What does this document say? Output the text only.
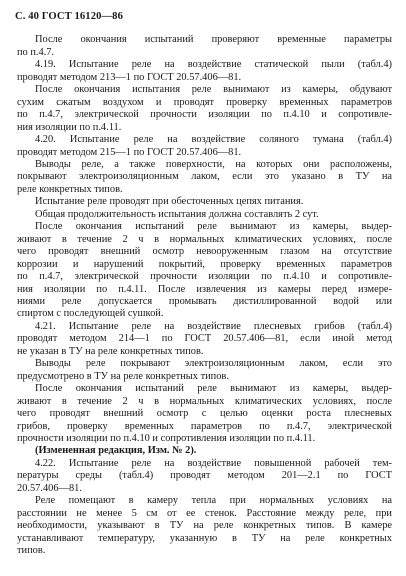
С. 40 ГОСТ 16120—86
После окончания испытаний проверяют временные параметры
по п.4.7.
4.19. Испытание реле на воздействие статической пыли (табл.4)
проводят методом 213—1 по ГОСТ 20.57.406—81.
После окончания испытания реле вынимают из камеры, обдувают
сухим сжатым воздухом и проводят проверку временных параметров
по п.4.7, электрической прочности изоляции по п.4.10 и сопротивле-
ния изоляции по п.4.11.
4.20. Испытание реле на воздействие соляного тумана (табл.4)
проводят методом 215—1 по ГОСТ 20.57.406—81.
Выводы реле, а также поверхности, на которых они расположены,
покрывают электроизоляционным лаком, если это указано в ТУ на
реле конкретных типов.
Испытание реле проводят при обесточенных цепях питания.
Общая продолжительность испытания должна составлять 2 сут.
После окончания испытаний реле вынимают из камеры, выдер-
живают в течение 2 ч в нормальных климатических условиях, после
чего проводят внешний осмотр невооруженным глазом на отсутствие
коррозии и нарушений покрытий, проверку временных параметров
по п.4.7, электрической прочности изоляции по п.4.10 и сопротивле-
ния изоляции по п.4.11. После извлечения из камеры перед измере-
ниями реле допускается промывать дистиллированной водой или
спиртом с последующей сушкой.
4.21. Испытание реле на воздействие плесневых грибов (табл.4)
проводят методом 214—1 по ГОСТ 20.57.406—81, если иной метод
не указан в ТУ на реле конкретных типов.
Выводы реле покрывают электроизоляционным лаком, если это
предусмотрено в ТУ на реле конкретных типов.
После окончания испытаний реле вынимают из камеры, выдер-
живают в течение 2 ч в нормальных климатических условиях, после
чего проводят внешний осмотр с целью оценки роста плесневых
грибов, проверку временных параметров по п.4.7, электрической
прочности изоляции по п.4.10 и сопротивления изоляции по п.4.11.
(Измененная редакция, Изм. № 2).
4.22. Испытание реле на воздействие повышенной рабочей тем-
пературы среды (табл.4) проводят методом 201—2.1 по ГОСТ
20.57.406—81.
Реле помещают в камеру тепла при нормальных условиях на
расстоянии не менее 5 см от ее стенок. Расстояние между реле, при
необходимости, указывают в ТУ на реле конкретных типов. В камере
устанавливают температуру, указанную в ТУ на реле конкретных
типов.
